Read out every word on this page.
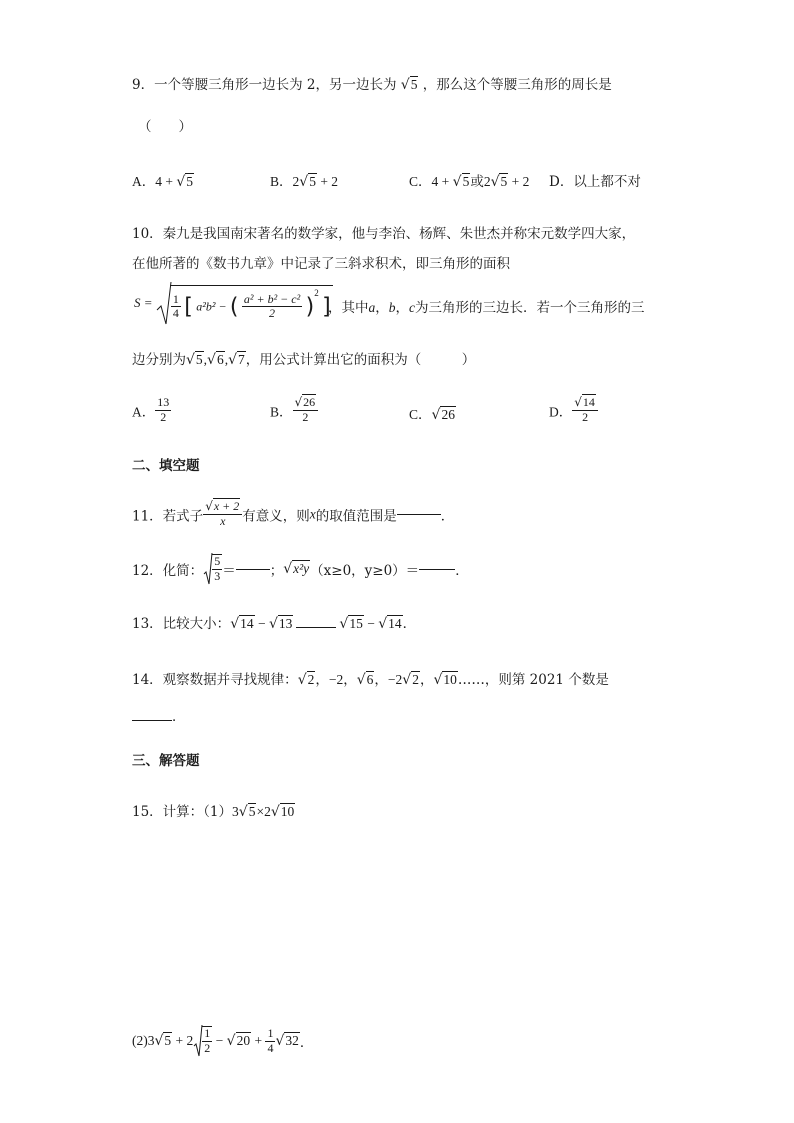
9．一个等腰三角形一边长为 2，另一边长为 √5 ，那么这个等腰三角形的周长是
（　　）
A．4 + √5	B．2√5 + 2	C．4 + √5或2√5 + 2 D．以上都不对
10．秦九是我国南宋著名的数学家，他与李治、杨辉、朱世杰并称宋元数学四大家，
在他所著的《数书九章》中记录了三斜求积术，即三角形的面积
$S = \frac{1}{4}$ [ a²b² − ( $\frac{\text{a² + b² − c²}}{2} )^2$ ]
，其中a，b，c为三角形的三边长．若一个三角形的三
边分别为√5,√6,√7，用公式计算出它的面积为（　　　）
A． $\frac{13}{2}$	B． $\frac{√26}{2}$	C．√26	D． $\frac{√14}{2}$
二、填空题
11．若式子 $\frac{√x + 2}{x}$ 有意义，则x的取值范围是	．
12．化简： $\frac{5}{3}$ ＝	；√x²y（x≥0，y≥0）＝	．
13．比较大小：√14 − √13	√15 − √14．
14．观察数据并寻找规律：√2，−2，√6，−2√2，√10……，则第 2021 个数是
．
三、解答题
15．计算：（1）3√5×2√10
$(2)3√5 + 2 \frac{1}{2} - √20 + \frac{1}{4} √32$．
